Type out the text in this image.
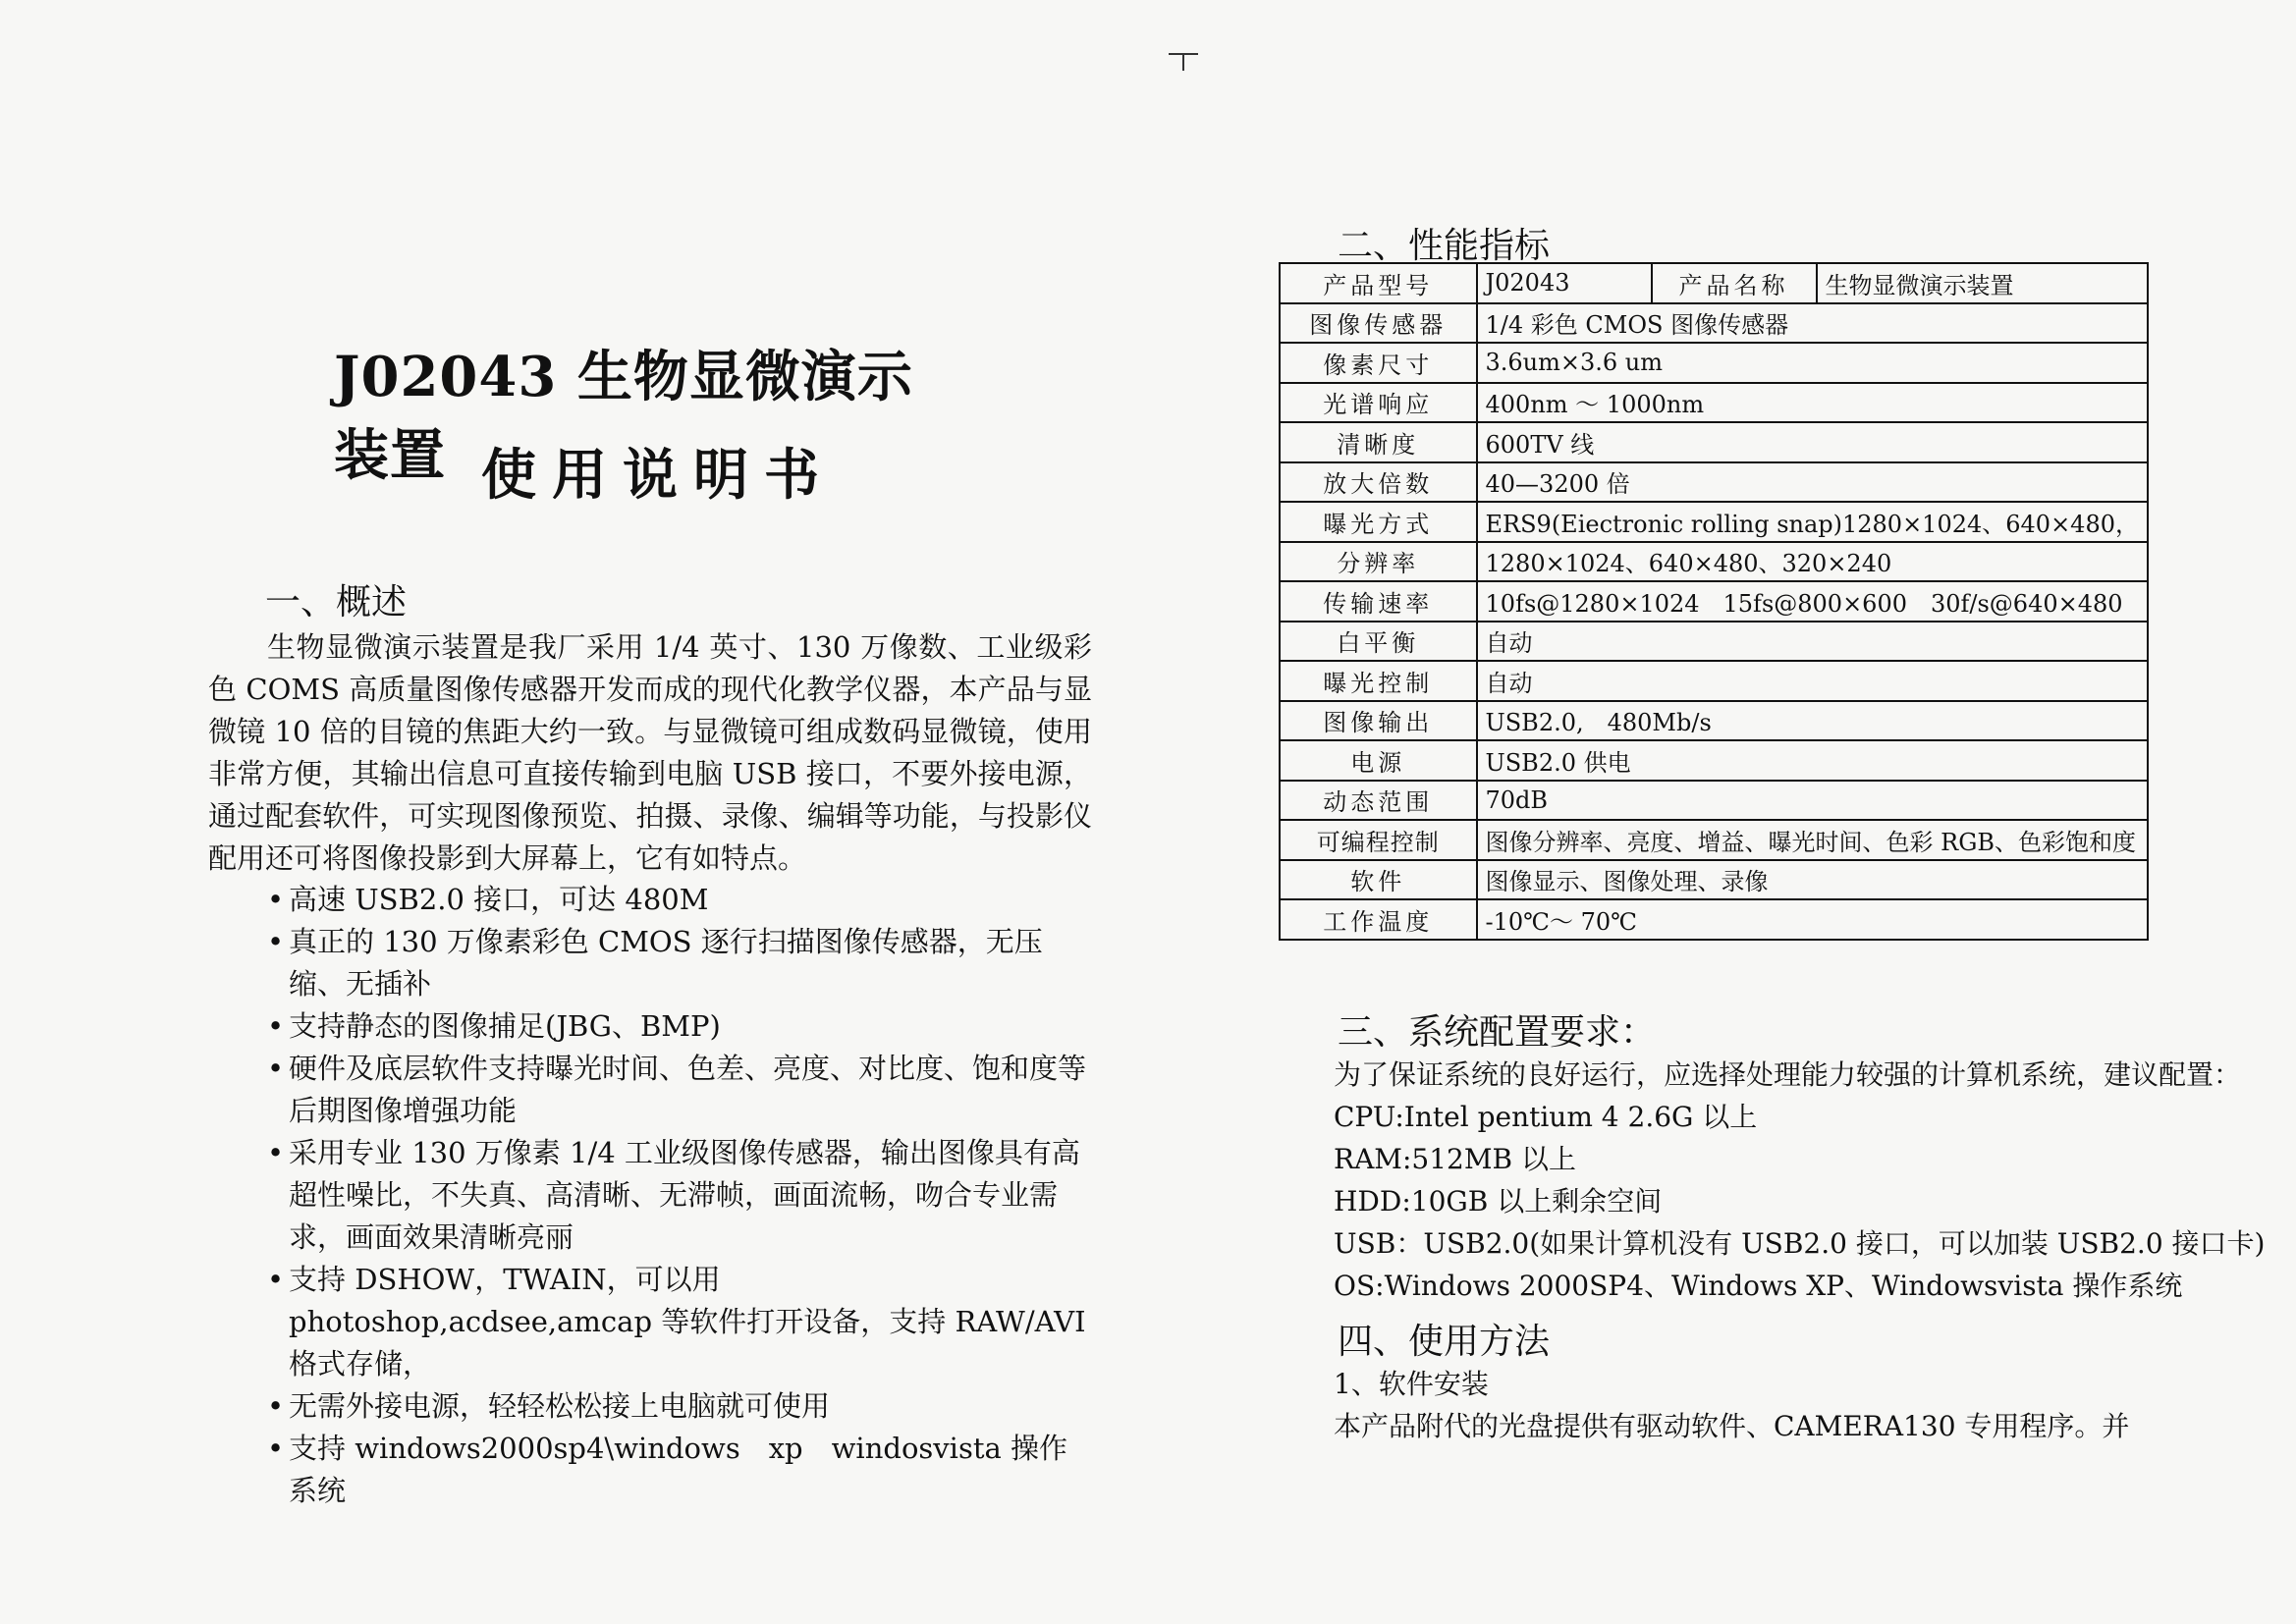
J02043 生物显微演示装置 使用说明书
一、概述

生物显微演示装置是我厂采用 1/4 英寸、130 万像数、工业级彩色 COMS 高质量图像传感器开发而成的现代化教学仪器，本产品与显微镜 10 倍的目镜的焦距大约一致。与显微镜可组成数码显微镜，使用非常方便，其输出信息可直接传输到电脑 USB 接口，不要外接电源，通过配套软件，可实现图像预览、拍摄、录像、编辑等功能，与投影仪配用还可将图像投影到大屏幕上，它有如特点。

• 高速 USB2.0 接口，可达 480M
• 真正的 130 万像素彩色 CMOS 逐行扫描图像传感器，无压缩、无插补
• 支持静态的图像捕足(JBG、BMP)
• 硬件及底层软件支持曝光时间、色差、亮度、对比度、饱和度等后期图像增强功能
• 采用专业 130 万像素 1/4 工业级图像传感器，输出图像具有高超性噪比，不失真、高清晰、无滞帧，画面流畅，吻合专业需求，画面效果清晰亮丽
• 支持 DSHOW，TWAIN，可以用 photoshop,acdsee,amcap 等软件打开设备，支持 RAW/AVI 格式存储，
• 无需外接电源，轻轻松松接上电脑就可使用
• 支持 windows2000sp4\windows　xp　windosvista 操作系统
二、性能指标
产品型号	J02043	产品名称	生物显微演示装置
图像传感器	1/4 彩色 CMOS 图像传感器		
像素尺寸	3.6um×3.6 um		
光谱响应	400nm ～ 1000nm		
清晰度	600TV 线		
放大倍数	40—3200 倍		
曝光方式	ERS9(Eiectronic rolling snap)1280×1024、640×480，		
分辨率	1280×1024、640×480、320×240		
传输速率	10fs@1280×1024　15fs@800×600　30f/s@640×480		
白平衡	自动		
曝光控制	自动		
图像输出	USB2.0,　480Mb/s		
电源	USB2.0 供电		
动态范围	70dB		
可编程控制	图像分辨率、亮度、增益、曝光时间、色彩 RGB、色彩饱和度		
软件	图像显示、图像处理、录像		
工作温度	-10℃～ 70℃		
三、系统配置要求：
为了保证系统的良好运行，应选择处理能力较强的计算机系统，建议配置：
CPU:Intel pentium 4 2.6G 以上
RAM:512MB 以上
HDD:10GB 以上剩余空间
USB：USB2.0(如果计算机没有 USB2.0 接口，可以加装 USB2.0 接口卡)
OS:Windows 2000SP4、Windows XP、Windowsvista 操作系统
四、使用方法
1、软件安装
本产品附代的光盘提供有驱动软件、CAMERA130 专用程序。并
